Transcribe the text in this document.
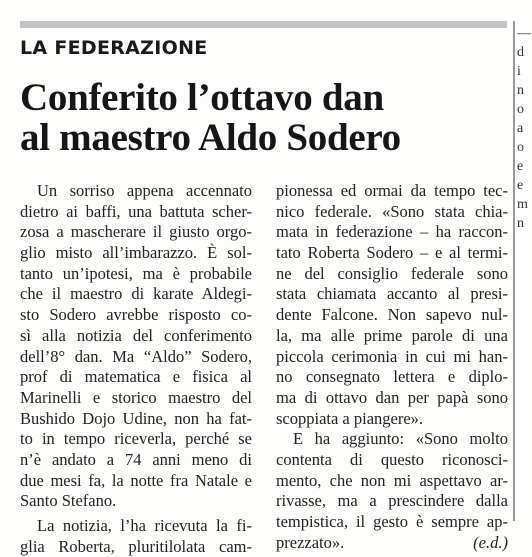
LA FEDERAZIONE
Conferito l’ottavo dan
al maestro Aldo Sodero
Un sorriso appena accennato
dietro ai baffi, una battuta scher-
zosa a mascherare il giusto orgo-
glio misto all’imbarazzo. È sol-
tanto un’ipotesi, ma è probabile
che il maestro di karate Aldegi-
sto Sodero avrebbe risposto co-
sì alla notizia del conferimento
dell’8° dan. Ma “Aldo” Sodero,
prof di matematica e fisica al
Marinelli e storico maestro del
Bushido Dojo Udine, non ha fat-
to in tempo riceverla, perché se
n’è andato a 74 anni meno di
due mesi fa, la notte fra Natale e
Santo Stefano.
La notizia, l’ha ricevuta la fi-
glia Roberta, pluritilolata cam-
pionessa ed ormai da tempo tec-
nico federale. «Sono stata chia-
mata in federazione – ha raccon-
tato Roberta Sodero – e al termi-
ne del consiglio federale sono
stata chiamata accanto al presi-
dente Falcone. Non sapevo nul-
la, ma alle prime parole di una
piccola cerimonia in cui mi han-
no consegnato lettera e diplo-
ma di ottavo dan per papà sono
scoppiata a piangere».
E ha aggiunto: «Sono molto
contenta di questo riconosci-
mento, che non mi aspettavo ar-
rivasse, ma a prescindere dalla
tempistica, il gesto è sempre ap-
prezzato».	(e.d.)
—
d
i
n
o
a
o
e
e
m
n
